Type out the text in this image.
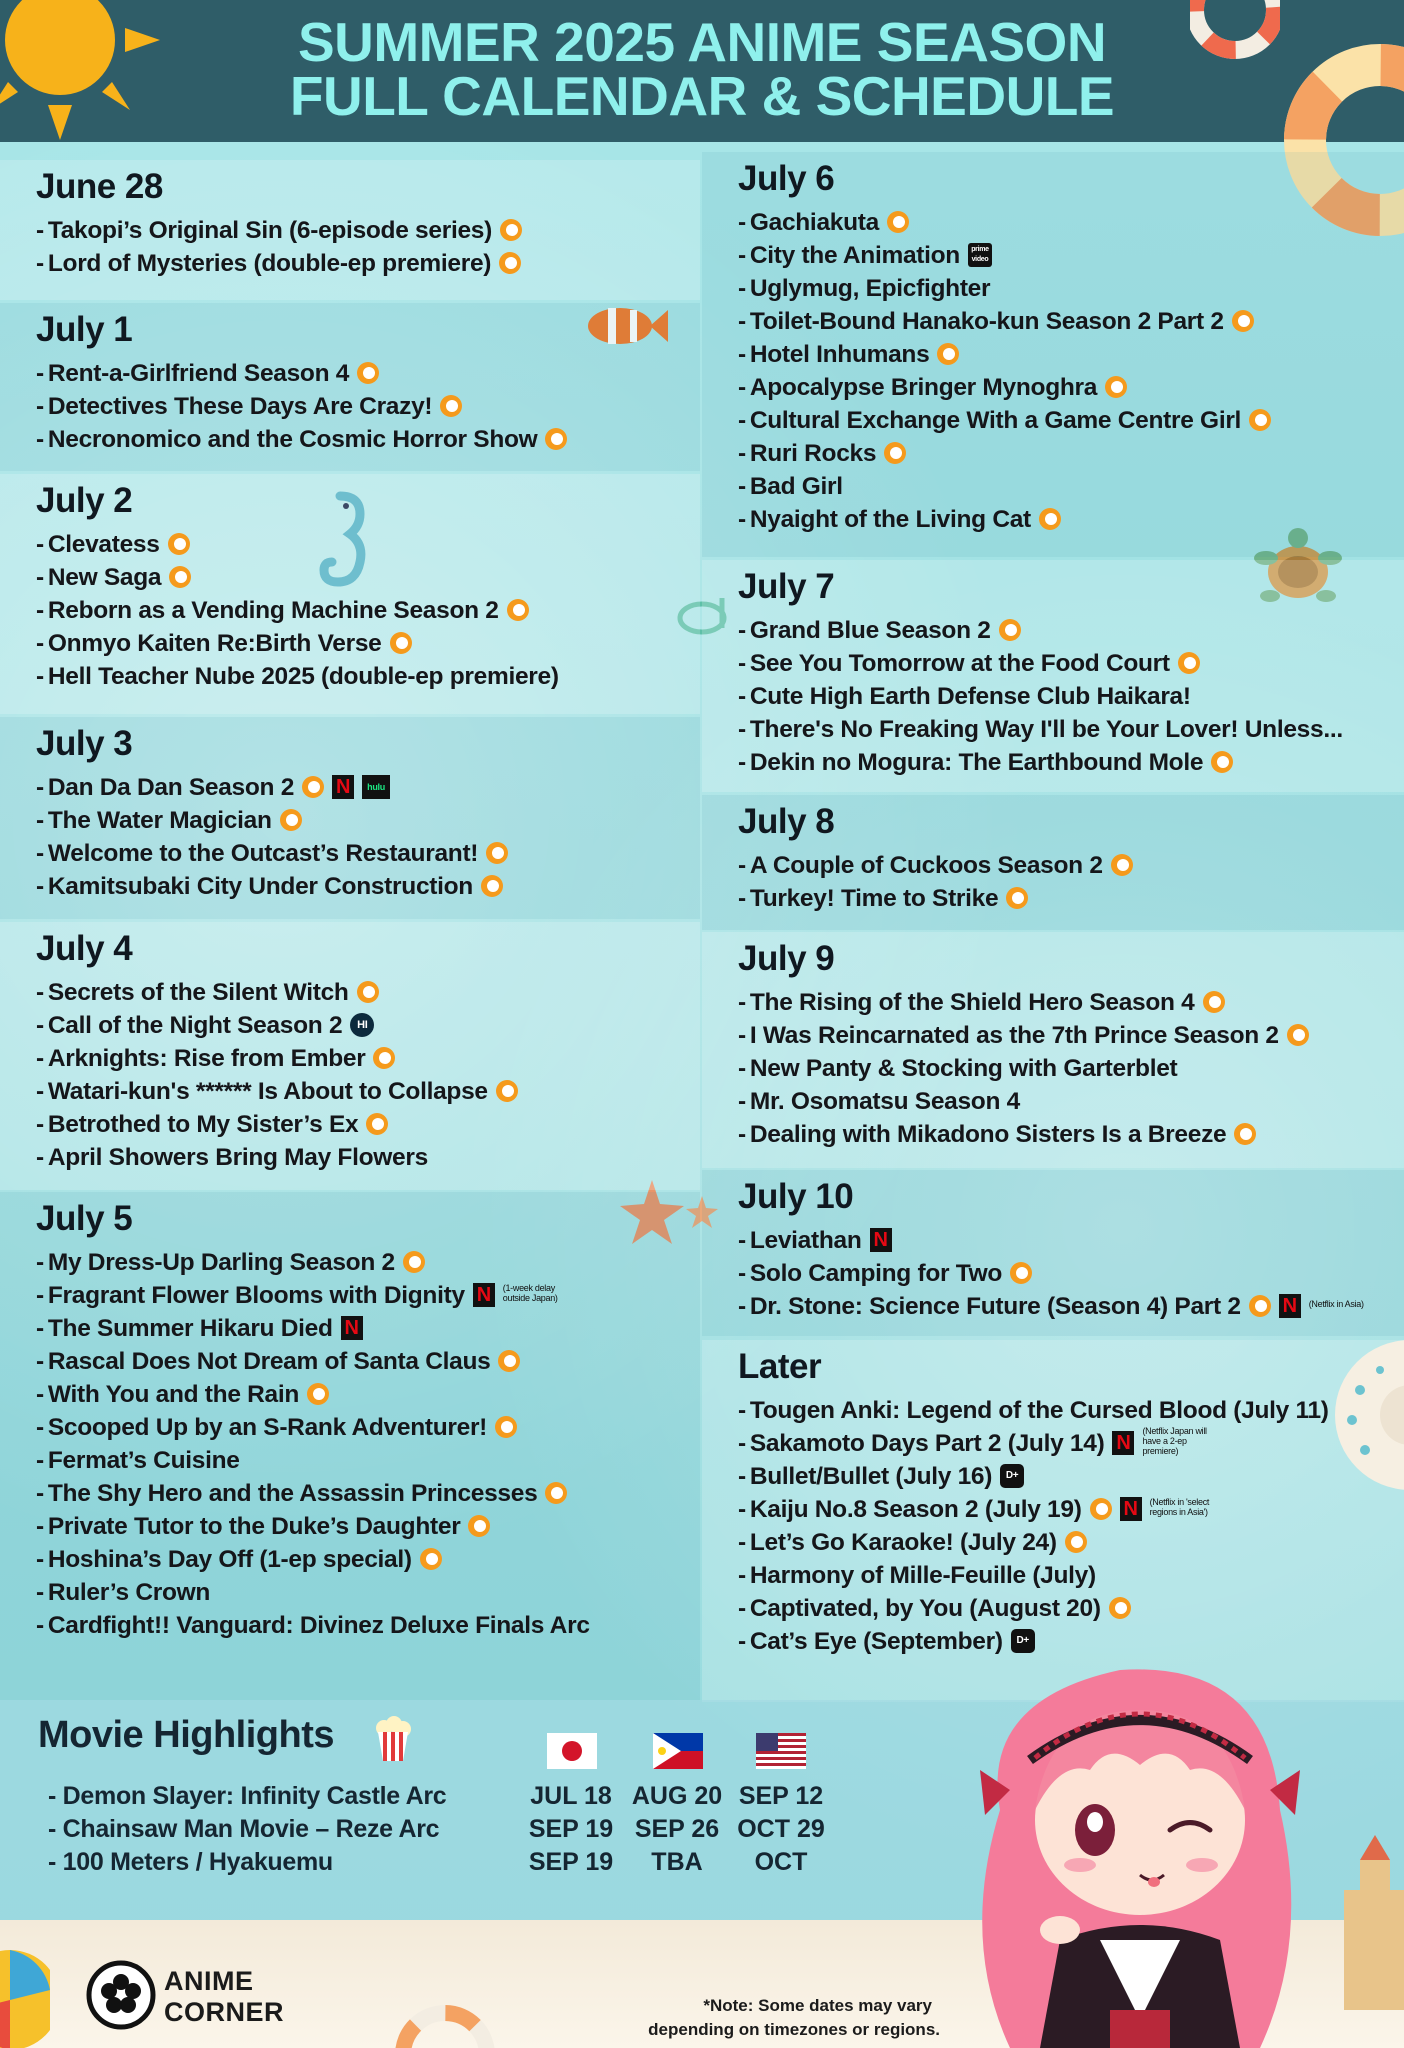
SUMMER 2025 ANIME SEASON
FULL CALENDAR & SCHEDULE
June 28
- Takopi’s Original Sin (6-episode series)
- Lord of Mysteries (double-ep premiere)
July 1
- Rent-a-Girlfriend Season 4
- Detectives These Days Are Crazy!
- Necronomico and the Cosmic Horror Show
July 2
- Clevatess
- New Saga
- Reborn as a Vending Machine Season 2
- Onmyo Kaiten Re:Birth Verse
- Hell Teacher Nube 2025 (double-ep premiere)
July 3
- Dan Da Dan Season 2 N hulu
- The Water Magician
- Welcome to the Outcast’s Restaurant!
- Kamitsubaki City Under Construction
July 4
- Secrets of the Silent Witch
- Call of the Night Season 2 HI
- Arknights: Rise from Ember
- Watari-kun's ****** Is About to Collapse
- Betrothed to My Sister’s Ex
- April Showers Bring May Flowers
July 5
- My Dress-Up Darling Season 2
- Fragrant Flower Blooms with Dignity N (1-week delay outside Japan)
- The Summer Hikaru Died N
- Rascal Does Not Dream of Santa Claus
- With You and the Rain
- Scooped Up by an S-Rank Adventurer!
- Fermat’s Cuisine
- The Shy Hero and the Assassin Princesses
- Private Tutor to the Duke’s Daughter
- Hoshina’s Day Off (1-ep special)
- Ruler’s Crown
- Cardfight!! Vanguard: Divinez Deluxe Finals Arc
July 6
- Gachiakuta
- City the Animation prime
video
- Uglymug, Epicfighter
- Toilet-Bound Hanako-kun Season 2 Part 2
- Hotel Inhumans
- Apocalypse Bringer Mynoghra
- Cultural Exchange With a Game Centre Girl
- Ruri Rocks
- Bad Girl
- Nyaight of the Living Cat
July 7
- Grand Blue Season 2
- See You Tomorrow at the Food Court
- Cute High Earth Defense Club Haikara!
- There's No Freaking Way I'll be Your Lover! Unless...
- Dekin no Mogura: The Earthbound Mole
July 8
- A Couple of Cuckoos Season 2
- Turkey! Time to Strike
July 9
- The Rising of the Shield Hero Season 4
- I Was Reincarnated as the 7th Prince Season 2
- New Panty & Stocking with Garterblet
- Mr. Osomatsu Season 4
- Dealing with Mikadono Sisters Is a Breeze
July 10
- Leviathan N
- Solo Camping for Two
- Dr. Stone: Science Future (Season 4) Part 2 N (Netflix in Asia)
Later
- Tougen Anki: Legend of the Cursed Blood (July 11)
- Sakamoto Days Part 2 (July 14) N(Netflix Japan will have a 2-ep premiere)
- Bullet/Bullet (July 16) D+
- Kaiju No.8 Season 2 (July 19) N (Netflix in 'select regions in Asia')
- Let’s Go Karaoke! (July 24)
- Harmony of Mille-Feuille (July)
- Captivated, by You (August 20)
- Cat’s Eye (September) D+
Movie Highlights
- Demon Slayer: Infinity Castle Arc
- Chainsaw Man Movie – Reze Arc
- 100 Meters / Hyakuemu
JUL 18
SEP 19
SEP 19
AUG 20
SEP 26
TBA
SEP 12
OCT 29
OCT
ANIME
CORNER	*Note: Some dates may vary
depending on timezones or regions.
